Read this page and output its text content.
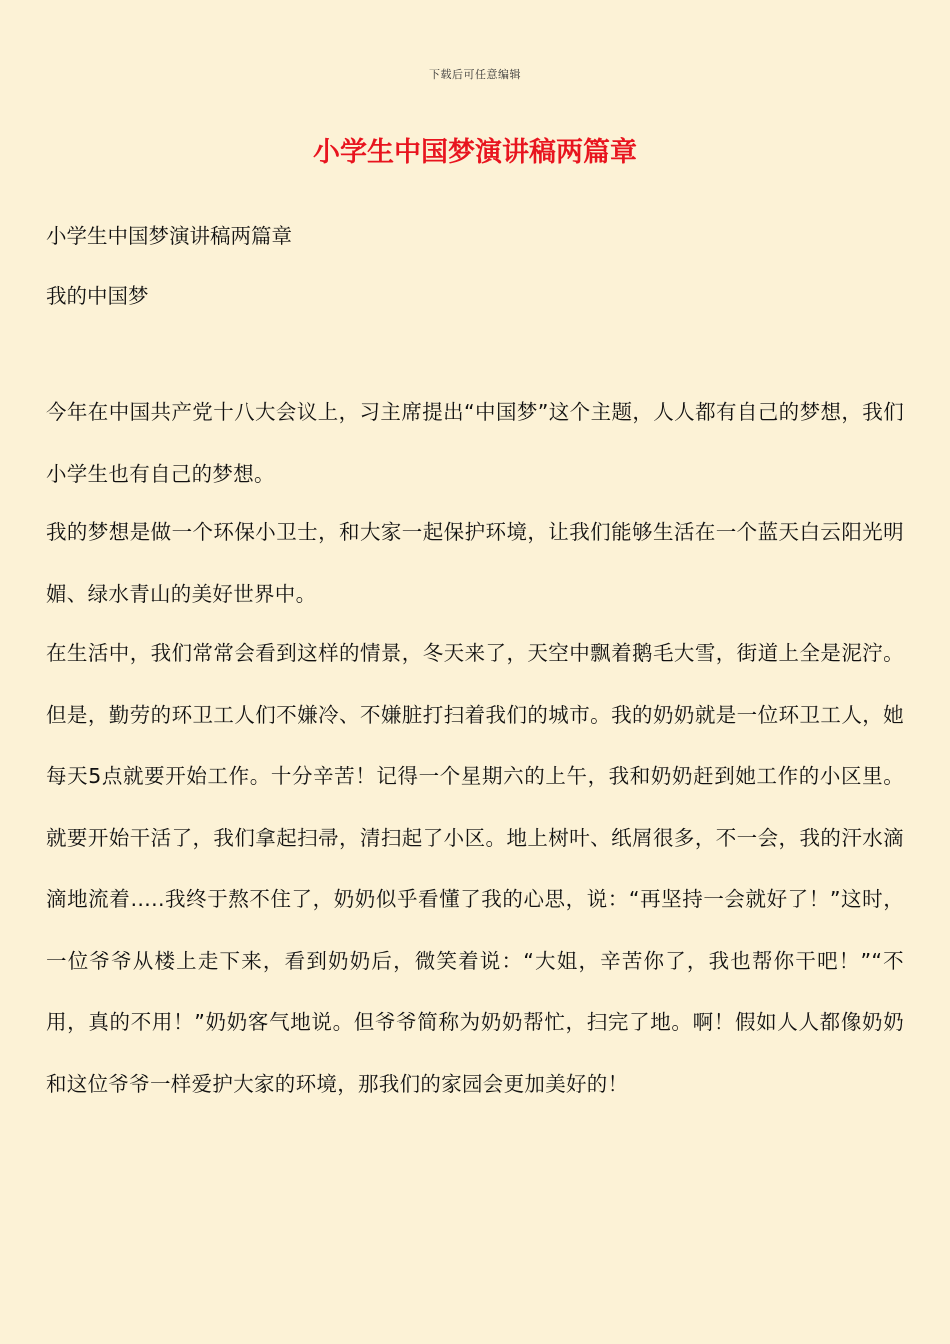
下载后可任意编辑
小学生中国梦演讲稿两篇章
小学生中国梦演讲稿两篇章
我的中国梦
今年在中国共产党十八大会议上，习主席提出“中国梦”这个主题，人人都有自己的梦想，我们小学生也有自己的梦想。
我的梦想是做一个环保小卫士，和大家一起保护环境，让我们能够生活在一个蓝天白云阳光明媚、绿水青山的美好世界中。
在生活中，我们常常会看到这样的情景，冬天来了，天空中飘着鹅毛大雪，街道上全是泥泞。但是，勤劳的环卫工人们不嫌冷、不嫌脏打扫着我们的城市。我的奶奶就是一位环卫工人，她每天5点就要开始工作。十分辛苦！记得一个星期六的上午，我和奶奶赶到她工作的小区里。就要开始干活了，我们拿起扫帚，清扫起了小区。地上树叶、纸屑很多，不一会，我的汗水滴滴地流着…..我终于熬不住了，奶奶似乎看懂了我的心思，说：“再坚持一会就好了！”这时，一位爷爷从楼上走下来，看到奶奶后，微笑着说：“大姐，辛苦你了，我也帮你干吧！”“不用，真的不用！”奶奶客气地说。但爷爷简称为奶奶帮忙，扫完了地。啊！假如人人都像奶奶和这位爷爷一样爱护大家的环境，那我们的家园会更加美好的！
